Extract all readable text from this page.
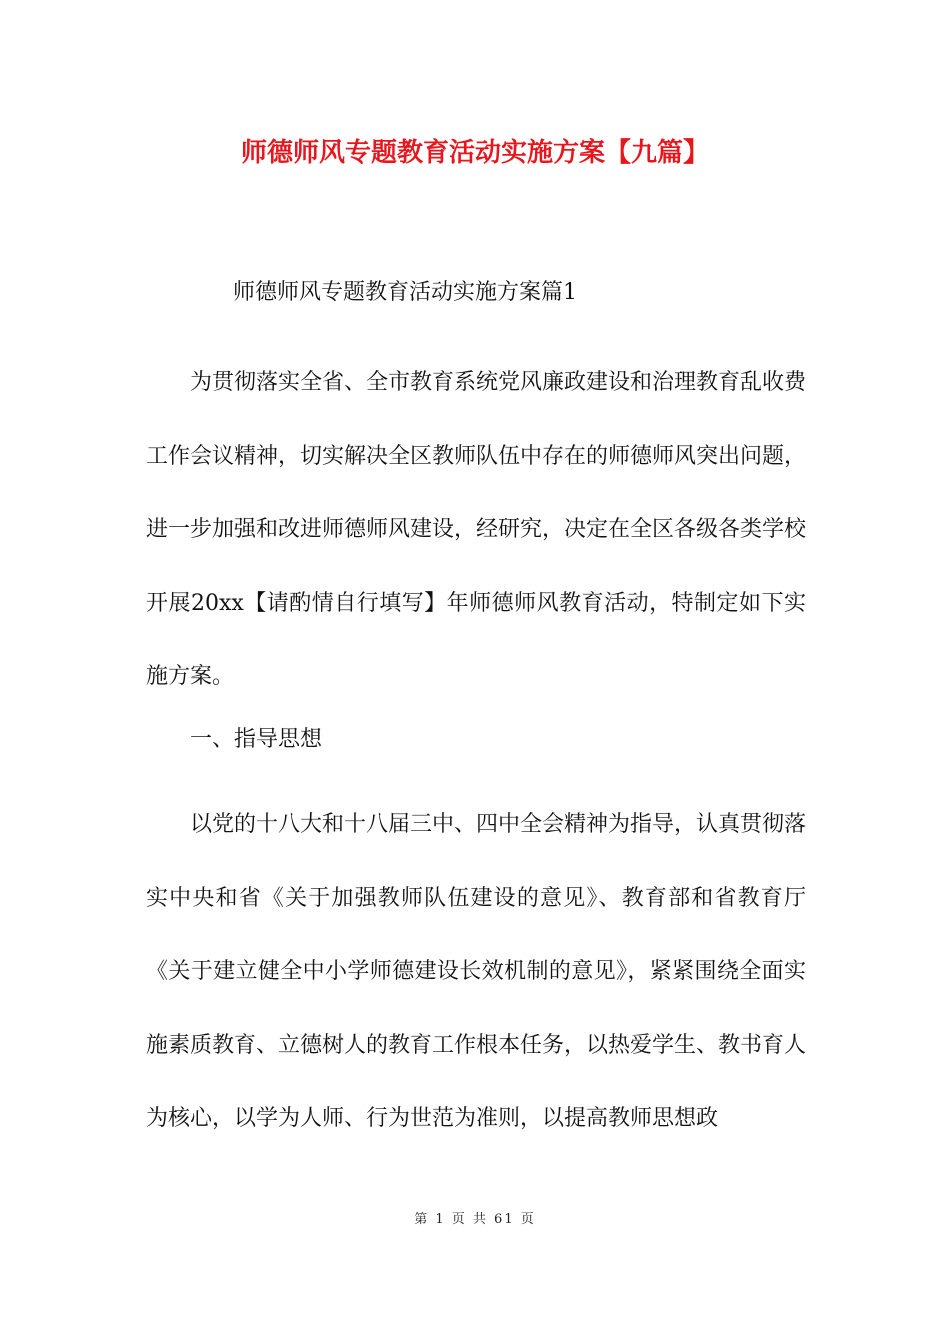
师德师风专题教育活动实施方案【九篇】
师德师风专题教育活动实施方案篇1

为贯彻落实全省、全市教育系统党风廉政建设和治理教育乱收费工作会议精神，切实解决全区教师队伍中存在的师德师风突出问题，进一步加强和改进师德师风建设，经研究，决定在全区各级各类学校开展20xx【请酌情自行填写】年师德师风教育活动，特制定如下实施方案。

一、指导思想

以党的十八大和十八届三中、四中全会精神为指导，认真贯彻落实中央和省《关于加强教师队伍建设的意见》、教育部和省教育厅《关于建立健全中小学师德建设长效机制的意见》，紧紧围绕全面实施素质教育、立德树人的教育工作根本任务，以热爱学生、教书育人为核心，以学为人师、行为世范为准则，以提高教师思想政

第 1 页 共 61 页
